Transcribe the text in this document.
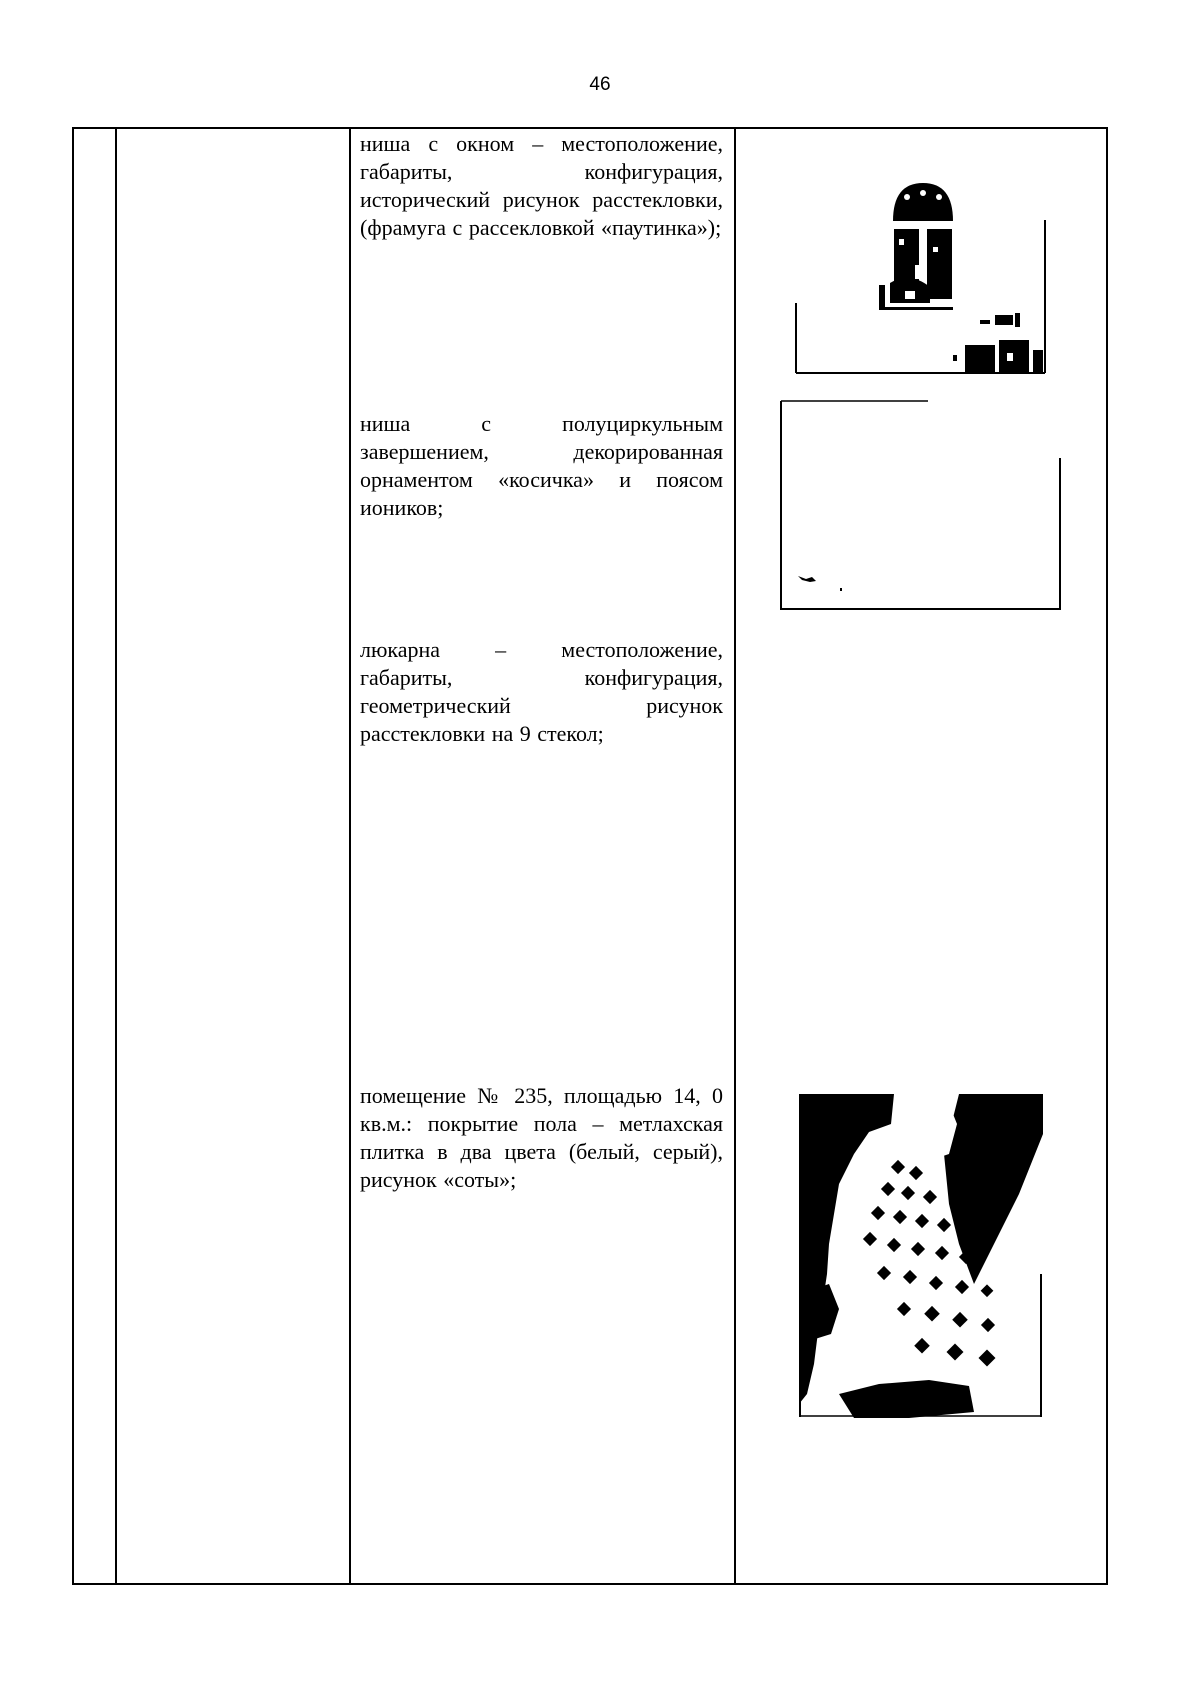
46
ниша с окном – местоположение, габариты, конфигурация, исторический рисунок расстекловки, (фрамуга с рассекловкой «паутинка»);
ниша с полуциркульным завершением, декорированная орнаментом «косичка» и поясом иоников;
люкарна – местоположение, габариты, конфигурация, геометрический рисунок расстекловки на 9 стекол;
помещение № 235, площадью 14, 0 кв.м.: покрытие пола – метлахская плитка в два цвета (белый, серый), рисунок «соты»;
